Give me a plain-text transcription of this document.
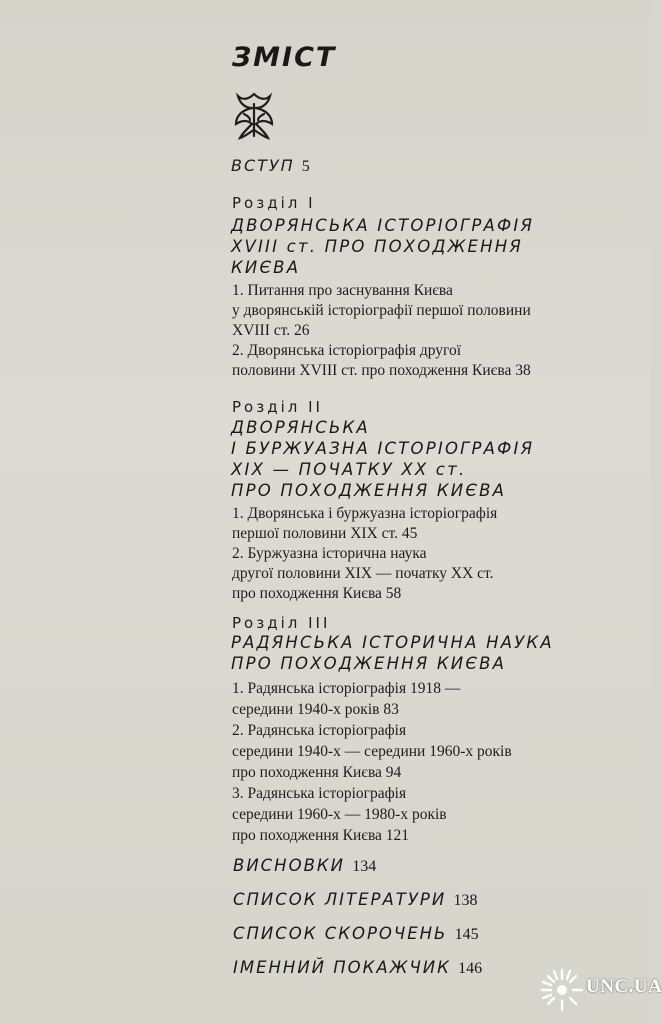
ЗМІСТ
ВСТУП 5
Розділ I
ДВОРЯНСЬКА ІСТОРІОГРАФІЯ
XVIII ст. ПРО ПОХОДЖЕННЯ
КИЄВА
1. Питання про заснування Києва
у дворянській історіографії першої половини
XVIII ст. 26
2. Дворянська історіографія другої
половини XVIII ст. про походження Києва 38
Розділ II
ДВОРЯНСЬКА
І БУРЖУАЗНА ІСТОРІОГРАФІЯ
XIX — ПОЧАТКУ XX ст.
ПРО ПОХОДЖЕННЯ КИЄВА
1. Дворянська і буржуазна історіографія
першої половини XIX ст. 45
2. Буржуазна історична наука
другої половини XIX — початку XX ст.
про походження Києва 58
Розділ III
РАДЯНСЬКА ІСТОРИЧНА НАУКА
ПРО ПОХОДЖЕННЯ КИЄВА
1. Радянська історіографія 1918 —
середини 1940-х років 83
2. Радянська історіографія
середини 1940-х — середини 1960-х років
про походження Києва 94
3. Радянська історіографія
середини 1960-х — 1980-х років
про походження Києва 121
ВИСНОВКИ 134
СПИСОК ЛІТЕРАТУРИ 138
СПИСОК СКОРОЧЕНЬ 145
ІМЕННИЙ ПОКАЖЧИК 146
UNC.UA
